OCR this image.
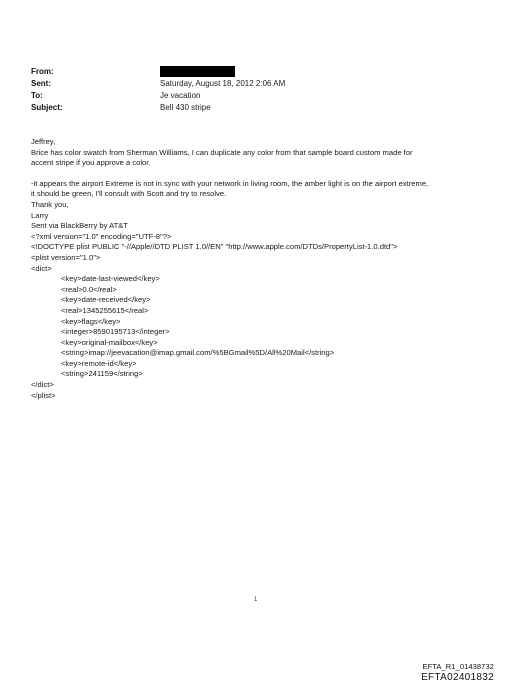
From:
Sent:	Saturday, August 18, 2012 2:06 AM
To:	Je vacation
Subject:	Bell 430 stripe

Jeffrey,

Brice has color swatch from Sherman Williams, I can duplicate any color from that sample board custom made for

accent stripe if you approve a color.

-it appears the airport Extreme is not in sync with your network in living room, the amber light is on the airport extreme,

it should be green, I'll consult with Scott and try to resolve.

Thank you,

Larry

Sent via BlackBerry by AT&T

<?xml version="1.0" encoding="UTF-8"?>

<!DOCTYPE plist PUBLIC "-//Apple//DTD PLIST 1.0//EN" "http://www.apple.com/DTDs/PropertyList-1.0.dtd">

<plist version="1.0">

<dict>

<key>date-last-viewed</key>

<real>0.0</real>

<key>date-received</key>

<real>1345255615</real>

<key>flags</key>

<integer>8590195713</integer>

<key>original-mailbox</key>

<string>imap://jeevacation@imap.gmail.com/%5BGmail%5D/All%20Mail</string>

<key>remote-id</key>

<string>241159</string>

</dict>

</plist>

1
EFTA_R1_01438732
EFTA02401832
